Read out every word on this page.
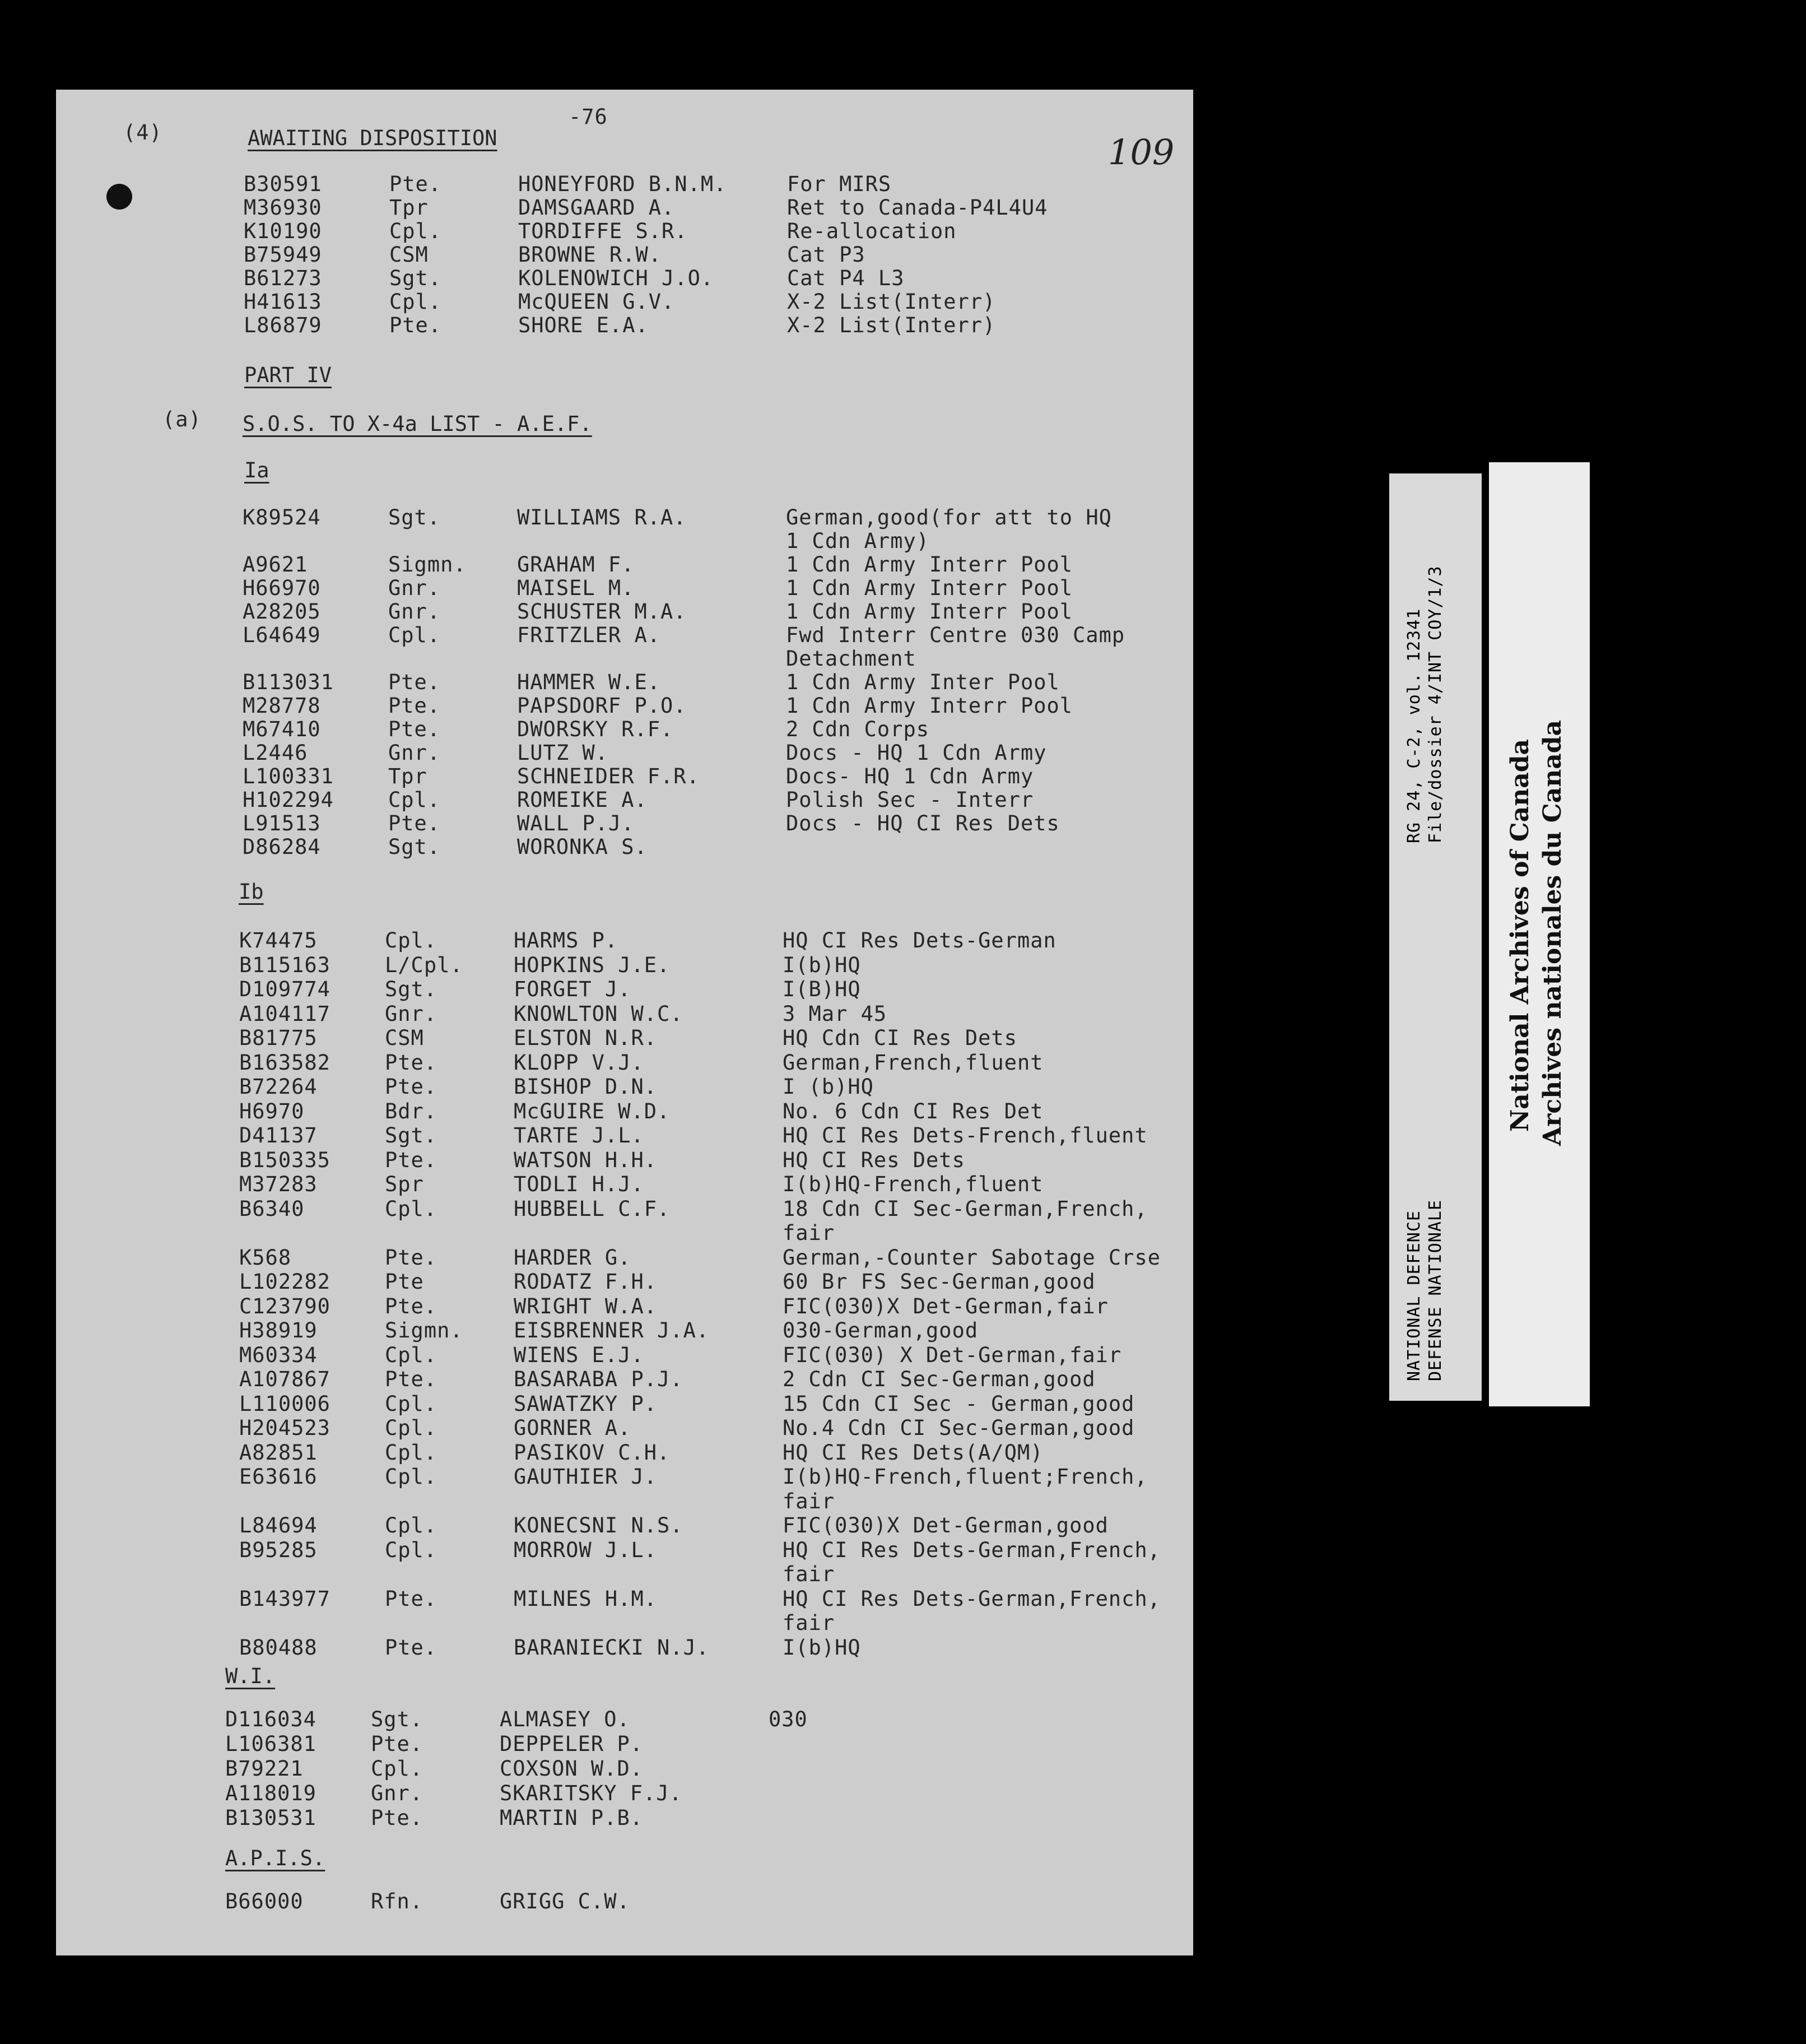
(4)	AWAITING DISPOSITION
-76
109
B30591	Pte.	HONEYFORD B.N.M.	For MIRS
M36930	Tpr	DAMSGAARD A.	Ret to Canada-P4L4U4
K10190	Cpl.	TORDIFFE S.R.	Re-allocation
B75949	CSM	BROWNE R.W.	Cat P3
B61273	Sgt.	KOLENOWICH J.O.	Cat P4 L3
H41613	Cpl.	McQUEEN G.V.	X-2 List(Interr)
L86879	Pte.	SHORE E.A.	X-2 List(Interr)
PART IV
(a) S.O.S. TO X-4a LIST - A.E.F.
Ia
K89524	Sgt.	WILLIAMS R.A.	German,good(for att to HQ
1 Cdn Army)
A9621	Sigmn. GRAHAM F.	1 Cdn Army Interr Pool
H66970	Gnr.	MAISEL M.	1 Cdn Army Interr Pool
A28205	Gnr.	SCHUSTER M.A.	1 Cdn Army Interr Pool
L64649	Cpl.	FRITZLER A.	Fwd Interr Centre 030 Camp
Detachment
B113031	Pte.	HAMMER W.E.	1 Cdn Army Inter Pool
M28778	Pte.	PAPSDORF P.O.	1 Cdn Army Interr Pool
M67410	Pte.	DWORSKY R.F.	2 Cdn Corps
L2446	Gnr.	LUTZ W.	Docs - HQ 1 Cdn Army
L100331	Tpr	SCHNEIDER F.R.	Docs- HQ 1 Cdn Army
H102294	Cpl.	ROMEIKE A.	Polish Sec - Interr
L91513	Pte.	WALL P.J.	Docs - HQ CI Res Dets
D86284	Sgt.	WORONKA S.
Ib
K74475	Cpl.	HARMS P.	HQ CI Res Dets-German
B115163	L/Cpl. HOPKINS J.E.	I(b)HQ
D109774	Sgt.	FORGET J.	I(B)HQ
A104117	Gnr.	KNOWLTON W.C.	3 Mar 45
B81775	CSM	ELSTON N.R.	HQ Cdn CI Res Dets
B163582	Pte.	KLOPP V.J.	German,French,fluent
B72264	Pte.	BISHOP D.N.	I (b)HQ
H6970	Bdr.	McGUIRE W.D.	No. 6 Cdn CI Res Det
D41137	Sgt.	TARTE J.L.	HQ CI Res Dets-French,fluent
B150335	Pte.	WATSON H.H.	HQ CI Res Dets
M37283	Spr	TODLI H.J.	I(b)HQ-French,fluent
B6340	Cpl.	HUBBELL C.F.	18 Cdn CI Sec-German,French,
fair
K568	Pte.	HARDER G.	German,-Counter Sabotage Crse
L102282	Pte	RODATZ F.H.	60 Br FS Sec-German,good
C123790	Pte.	WRIGHT W.A.	FIC(030)X Det-German,fair
H38919	Sigmn. EISBRENNER J.A.	030-German,good
M60334	Cpl.	WIENS E.J.	FIC(030) X Det-German,fair
A107867	Pte.	BASARABA P.J.	2 Cdn CI Sec-German,good
L110006	Cpl.	SAWATZKY P.	15 Cdn CI Sec - German,good
H204523	Cpl.	GORNER A.	No.4 Cdn CI Sec-German,good
A82851	Cpl.	PASIKOV C.H.	HQ CI Res Dets(A/QM)
E63616	Cpl.	GAUTHIER J.	I(b)HQ-French,fluent;French,
fair
L84694	Cpl.	KONECSNI N.S.	FIC(030)X Det-German,good
B95285	Cpl.	MORROW J.L.	HQ CI Res Dets-German,French,
fair
B143977	Pte.	MILNES H.M.	HQ CI Res Dets-German,French,
fair
B80488	Pte.	BARANIECKI N.J.	I(b)HQ
W.I.
D116034	Sgt.	ALMASEY O.	030
L106381	Pte.	DEPPELER P.
B79221	Cpl.	COXSON W.D.
A118019	Gnr.	SKARITSKY F.J.
B130531	Pte.	MARTIN P.B.
A.P.I.S.
B66000	Rfn.	GRIGG C.W.
RG 24, C-2, vol. 12341 File/dossier 4/INT COY/1/3
NATIONAL DEFENCE DEFENSE NATIONALE
National Archives of Canada Archives nationales du Canada
